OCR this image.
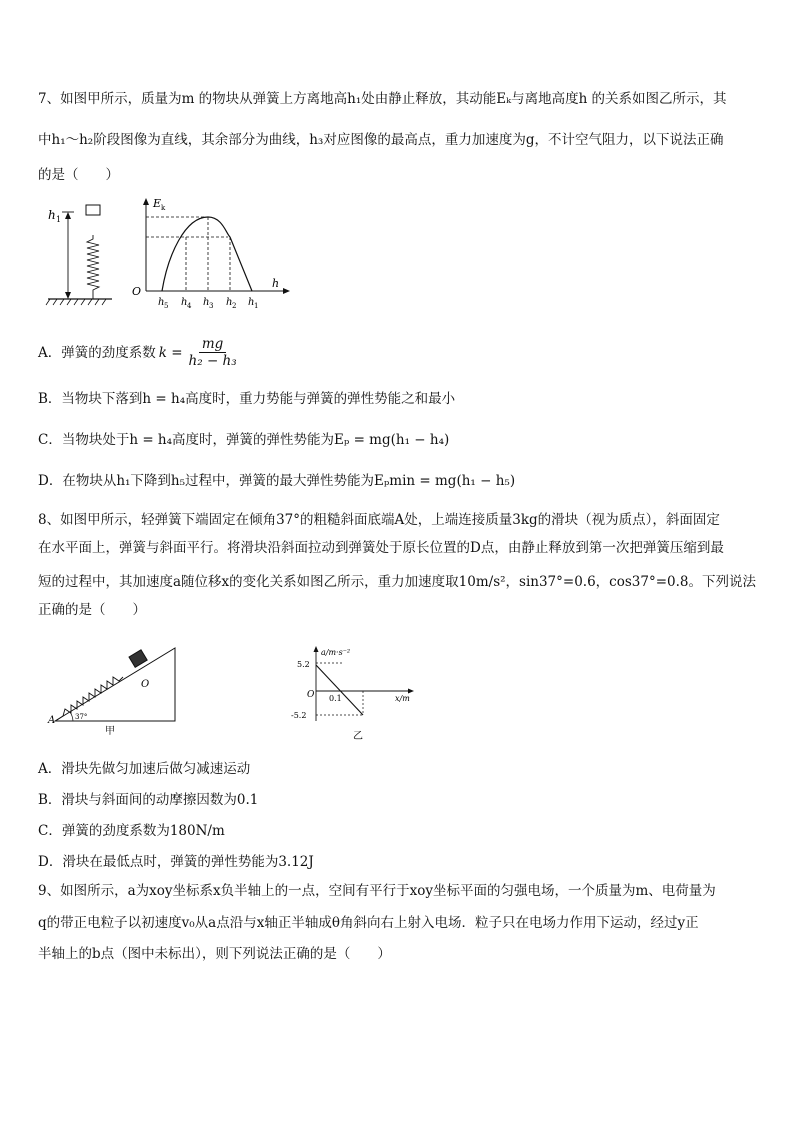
7、如图甲所示，质量为m 的物块从弹簧上方离地高h₁处由静止释放，其动能Eₖ与离地高度h 的关系如图乙所示，其
中h₁～h₂阶段图像为直线，其余部分为曲线，h₃对应图像的最高点，重力加速度为g，不计空气阻力，以下说法正确
的是（　　）
h 1
E k
O
h
h h h h h
5	4	3	2	1
A．弹簧的劲度系数 $k = \frac{mg}{\text{h₂ − h₃}}$
B．当物块下落到h = h₄高度时，重力势能与弹簧的弹性势能之和最小
C．当物块处于h = h₄高度时，弹簧的弹性势能为Eₚ = mg(h₁ − h₄)
D．在物块从h₁下降到h₅过程中，弹簧的最大弹性势能为Eₚmin = mg(h₁ − h₅)
8、如图甲所示，轻弹簧下端固定在倾角37°的粗糙斜面底端A处，上端连接质量3kg的滑块（视为质点），斜面固定
在水平面上，弹簧与斜面平行。将滑块沿斜面拉动到弹簧处于原长位置的D点，由静止释放到第一次把弹簧压缩到最
短的过程中，其加速度a随位移x的变化关系如图乙所示，重力加速度取10m/s²，sin37°=0.6，cos37°=0.8。下列说法
正确的是（　　）
O
A	37°
甲
a/m·s⁻²
x/m
5.2
-5.2
O 0.1
乙
A．滑块先做匀加速后做匀减速运动
B．滑块与斜面间的动摩擦因数为0.1
C．弹簧的劲度系数为180N/m
D．滑块在最低点时，弹簧的弹性势能为3.12J
9、如图所示，a为xoy坐标系x负半轴上的一点，空间有平行于xoy坐标平面的匀强电场，一个质量为m、电荷量为
q的带正电粒子以初速度v₀从a点沿与x轴正半轴成θ角斜向右上射入电场．粒子只在电场力作用下运动，经过y正
半轴上的b点（图中未标出），则下列说法正确的是（　　）
